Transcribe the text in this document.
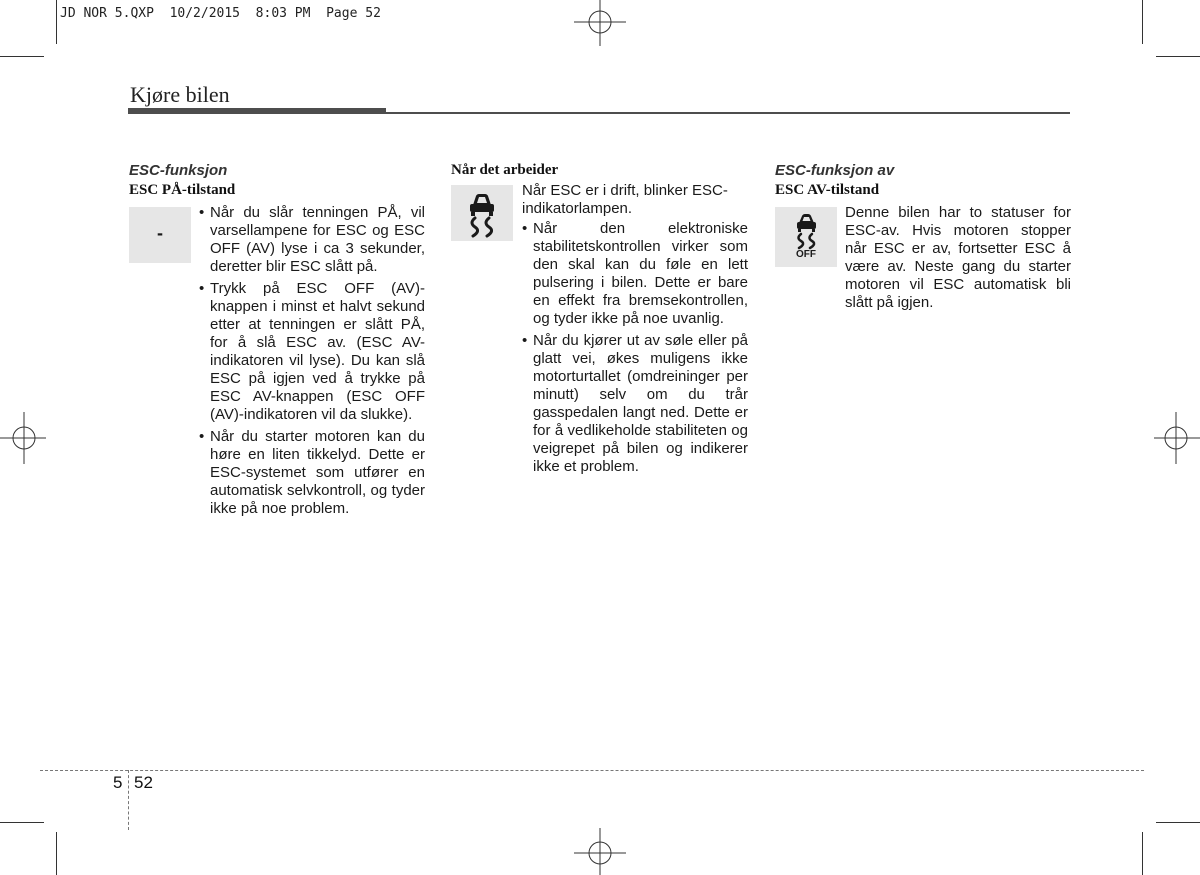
JD NOR 5.QXP  10/2/2015  8:03 PM  Page 52
Kjøre bilen
ESC-funksjon
ESC PÅ-tilstand
-
• Når du slår tenningen PÅ, vil varsellampene for ESC og ESC OFF (AV) lyse i ca 3 sekunder, deretter blir ESC slått på.
• Trykk på ESC OFF (AV)-knappen i minst et halvt sekund etter at tenningen er slått PÅ, for å slå ESC av. (ESC AV-indikatoren vil lyse). Du kan slå ESC på igjen ved å trykke på ESC AV-knappen (ESC OFF (AV)-indikatoren vil da slukke).
• Når du starter motoren kan du høre en liten tikkelyd. Dette er ESC-systemet som utfører en automatisk selvkontroll, og tyder ikke på noe problem.
Når det arbeider
Når ESC er i drift, blinker ESC-indikatorlampen.
• Når den elektroniske stabilitetskontrollen virker som den skal kan du føle en lett pulsering i bilen. Dette er bare en effekt fra bremsekontrollen, og tyder ikke på noe uvanlig.
• Når du kjører ut av søle eller på glatt vei, økes muligens ikke motorturtallet (omdreininger per minutt) selv om du trår gasspedalen langt ned. Dette er for å vedlikeholde stabiliteten og veigrepet på bilen og indikerer ikke et problem.
ESC-funksjon av
ESC AV-tilstand
OFF
Denne bilen har to statuser for ESC-av. Hvis motoren stopper når ESC er av, fortsetter ESC å være av. Neste gang du starter motoren vil ESC automatisk bli slått på igjen.
5 52
